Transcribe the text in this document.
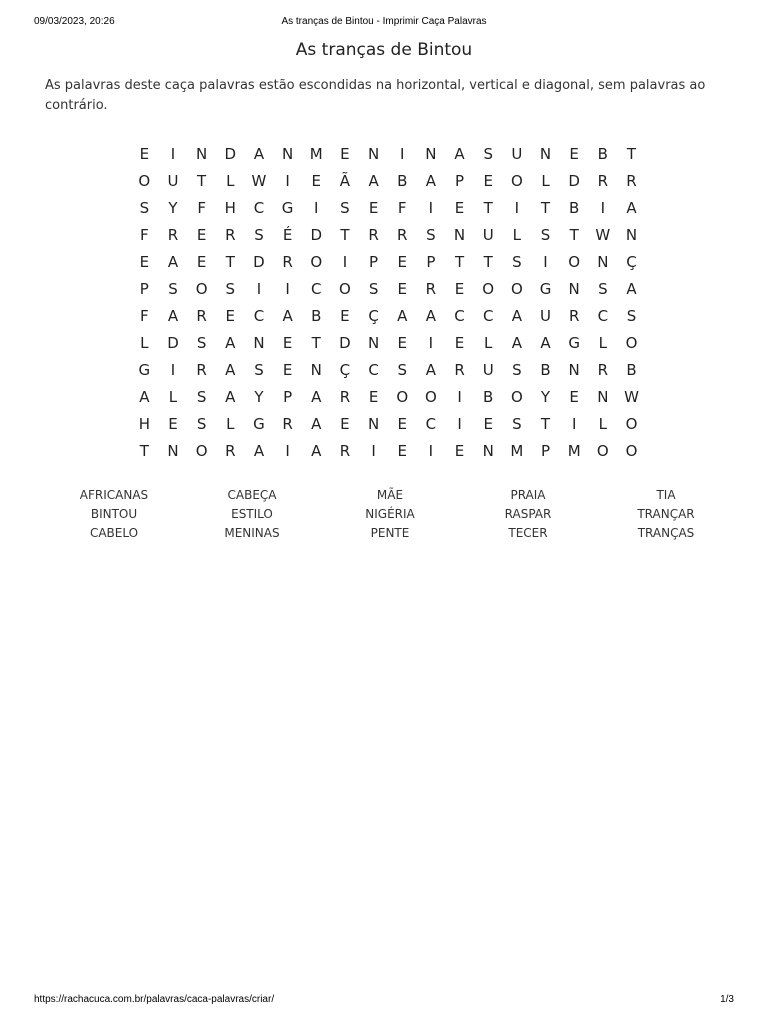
09/03/2023, 20:26	As tranças de Bintou - Imprimir Caça Palavras
As tranças de Bintou
As palavras deste caça palavras estão escondidas na horizontal, vertical e diagonal, sem palavras ao contrário.
E	I	N	D	A	N	M	E	N	I	N	A	S	U	N	E	B	T
O	U	T	L	W	I	E	Ã	A	B	A	P	E	O	L	D	R	R
S	Y	F	H	C	G	I	S	E	F	I	E	T	I	T	B	I	A
F	R	E	R	S	É	D	T	R	R	S	N	U	L	S	T	W	N
E	A	E	T	D	R	O	I	P	E	P	T	T	S	I	O	N	Ç
P	S	O	S	I	I	C	O	S	E	R	E	O	O	G	N	S	A
F	A	R	E	C	A	B	E	Ç	A	A	C	C	A	U	R	C	S
L	D	S	A	N	E	T	D	N	E	I	E	L	A	A	G	L	O
G	I	R	A	S	E	N	Ç	C	S	A	R	U	S	B	N	R	B
A	L	S	A	Y	P	A	R	E	O	O	I	B	O	Y	E	N	W
H	E	S	L	G	R	A	E	N	E	C	I	E	S	T	I	L	O
T	N	O	R	A	I	A	R	I	E	I	E	N	M	P	M	O	O
AFRICANAS	CABEÇA	MÃE	PRAIA	TIA
BINTOU	ESTILO	NIGÉRIA	RASPAR	TRANÇAR
CABELO	MENINAS	PENTE	TECER	TRANÇAS
https://rachacuca.com.br/palavras/caca-palavras/criar/	1/3
